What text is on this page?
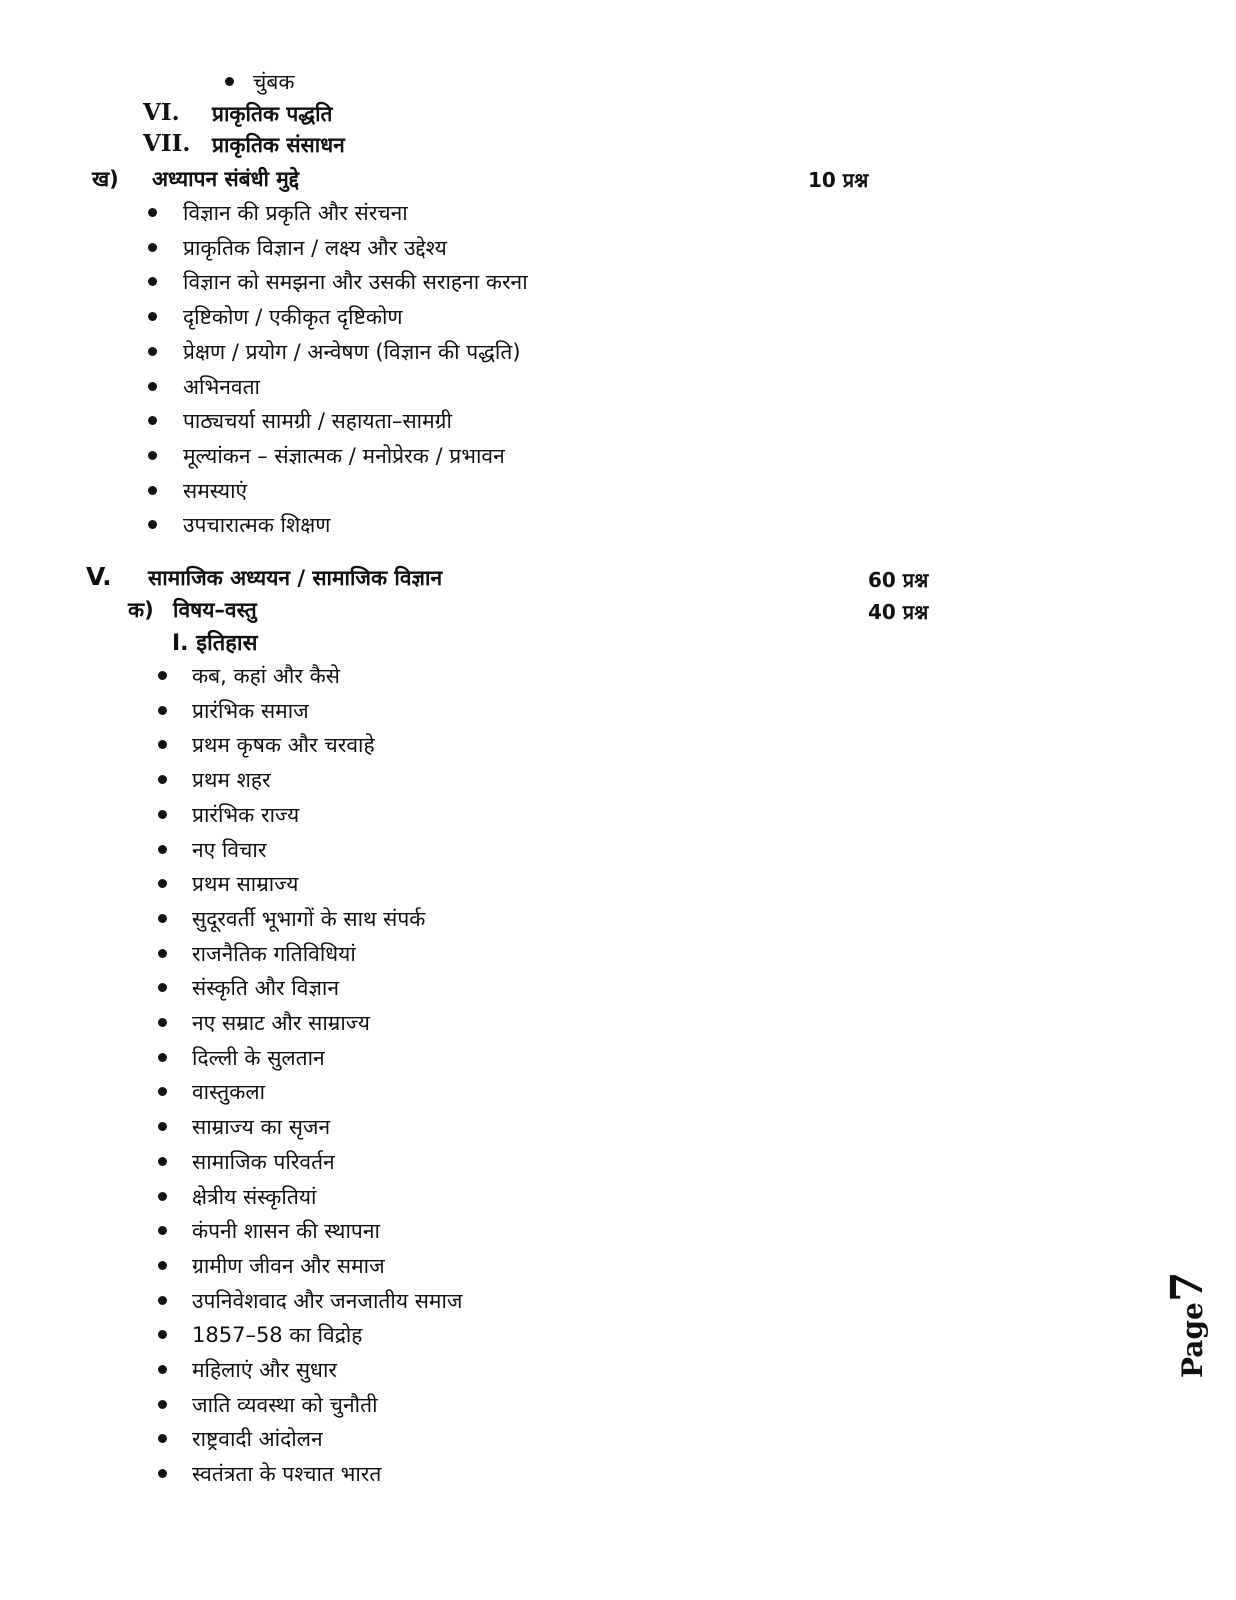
चुंबक
VI. प्राकृतिक पद्धति
VII. प्राकृतिक संसाधन
ख) अध्यापन संबंधी मुद्दे	10 प्रश्न
विज्ञान की प्रकृति और संरचना
प्राकृतिक विज्ञान / लक्ष्य और उद्देश्य
विज्ञान को समझना और उसकी सराहना करना
दृष्टिकोण / एकीकृत दृष्टिकोण
प्रेक्षण / प्रयोग / अन्वेषण (विज्ञान की पद्धति)
अभिनवता
पाठ्यचर्या सामग्री / सहायता–सामग्री
मूल्यांकन – संज्ञात्मक / मनोप्रेरक / प्रभावन
समस्याएं
उपचारात्मक शिक्षण
V. सामाजिक अध्ययन / सामाजिक विज्ञान	60 प्रश्न
क) विषय–वस्तु	40 प्रश्न
I. इतिहास
कब, कहां और कैसे
प्रारंभिक समाज
प्रथम कृषक और चरवाहे
प्रथम शहर
प्रारंभिक राज्य
नए विचार
प्रथम साम्राज्य
सुदूरवर्ती भूभागों के साथ संपर्क
राजनैतिक गतिविधियां
संस्कृति और विज्ञान
नए सम्राट और साम्राज्य
दिल्ली के सुलतान
वास्तुकला
साम्राज्य का सृजन
सामाजिक परिवर्तन
क्षेत्रीय संस्कृतियां
कंपनी शासन की स्थापना
ग्रामीण जीवन और समाज
उपनिवेशवाद और जनजातीय समाज
1857–58 का विद्रोह
महिलाएं और सुधार
जाति व्यवस्था को चुनौती
राष्ट्रवादी आंदोलन
स्वतंत्रता के पश्चात भारत
Page7
